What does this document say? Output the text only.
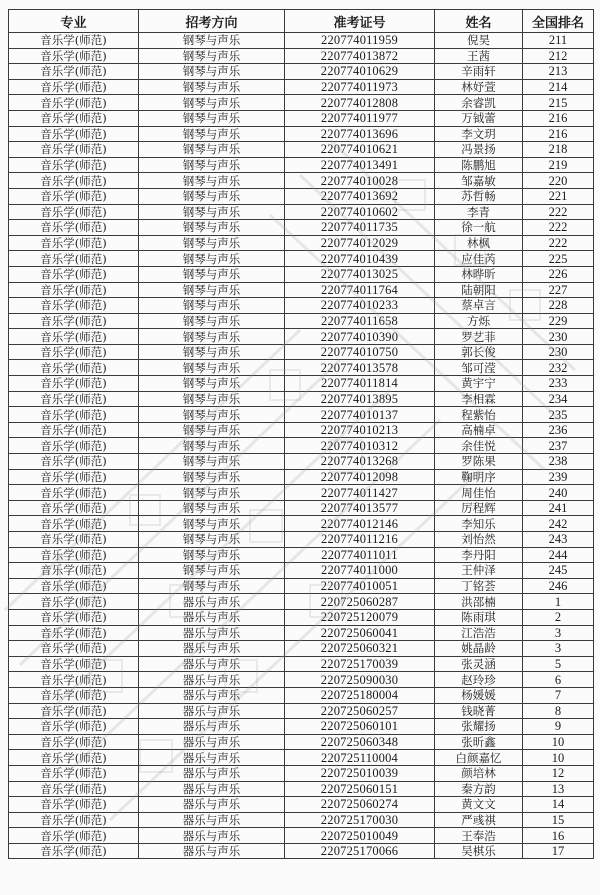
专业	招考方向	准考证号	姓名	全国排名
音乐学(师范)	钢琴与声乐	220774011959	倪昊	211
音乐学(师范)	钢琴与声乐	220774013872	王茜	212
音乐学(师范)	钢琴与声乐	220774010629	辛雨轩	213
音乐学(师范)	钢琴与声乐	220774011973	林妤萱	214
音乐学(师范)	钢琴与声乐	220774012808	余睿凯	215
音乐学(师范)	钢琴与声乐	220774011977	万钺蕾	216
音乐学(师范)	钢琴与声乐	220774013696	李文玥	216
音乐学(师范)	钢琴与声乐	220774010621	冯景扬	218
音乐学(师范)	钢琴与声乐	220774013491	陈鹏旭	219
音乐学(师范)	钢琴与声乐	220774010028	邹嘉敏	220
音乐学(师范)	钢琴与声乐	220774013692	苏哲畅	221
音乐学(师范)	钢琴与声乐	220774010602	李青	222
音乐学(师范)	钢琴与声乐	220774011735	徐一航	222
音乐学(师范)	钢琴与声乐	220774012029	林枫	222
音乐学(师范)	钢琴与声乐	220774010439	应佳芮	225
音乐学(师范)	钢琴与声乐	220774013025	林晔昕	226
音乐学(师范)	钢琴与声乐	220774011764	陆朝阳	227
音乐学(师范)	钢琴与声乐	220774010233	蔡卓言	228
音乐学(师范)	钢琴与声乐	220774011658	方烁	229
音乐学(师范)	钢琴与声乐	220774010390	罗艺菲	230
音乐学(师范)	钢琴与声乐	220774010750	郭长俊	230
音乐学(师范)	钢琴与声乐	220774013578	邹可滢	232
音乐学(师范)	钢琴与声乐	220774011814	黄宇宁	233
音乐学(师范)	钢琴与声乐	220774013895	李相霖	234
音乐学(师范)	钢琴与声乐	220774010137	程紫怡	235
音乐学(师范)	钢琴与声乐	220774010213	高楠卓	236
音乐学(师范)	钢琴与声乐	220774010312	余佳悦	237
音乐学(师范)	钢琴与声乐	220774013268	罗陈果	238
音乐学(师范)	钢琴与声乐	220774012098	鞠明序	239
音乐学(师范)	钢琴与声乐	220774011427	周佳怡	240
音乐学(师范)	钢琴与声乐	220774013577	厉程辉	241
音乐学(师范)	钢琴与声乐	220774012146	李知乐	242
音乐学(师范)	钢琴与声乐	220774011216	刘怡然	243
音乐学(师范)	钢琴与声乐	220774011011	李丹阳	244
音乐学(师范)	钢琴与声乐	220774011000	王仲泽	245
音乐学(师范)	钢琴与声乐	220774010051	丁铭荟	246
音乐学(师范)	器乐与声乐	220725060287	洪邵楠	1
音乐学(师范)	器乐与声乐	220725120079	陈雨琪	2
音乐学(师范)	器乐与声乐	220725060041	江浩浩	3
音乐学(师范)	器乐与声乐	220725060321	姚晶龄	3
音乐学(师范)	器乐与声乐	220725170039	张灵涵	5
音乐学(师范)	器乐与声乐	220725090030	赵玲珍	6
音乐学(师范)	器乐与声乐	220725180004	杨媛媛	7
音乐学(师范)	器乐与声乐	220725060257	钱晓菁	8
音乐学(师范)	器乐与声乐	220725060101	张耀扬	9
音乐学(师范)	器乐与声乐	220725060348	张昕鑫	10
音乐学(师范)	器乐与声乐	220725110004	白颜嘉忆	10
音乐学(师范)	器乐与声乐	220725010039	颜培林	12
音乐学(师范)	器乐与声乐	220725060151	秦方韵	13
音乐学(师范)	器乐与声乐	220725060274	黄文文	14
音乐学(师范)	器乐与声乐	220725170030	严彧祺	15
音乐学(师范)	器乐与声乐	220725010049	王奉浩	16
音乐学(师范)	器乐与声乐	220725170066	吴棋乐	17
